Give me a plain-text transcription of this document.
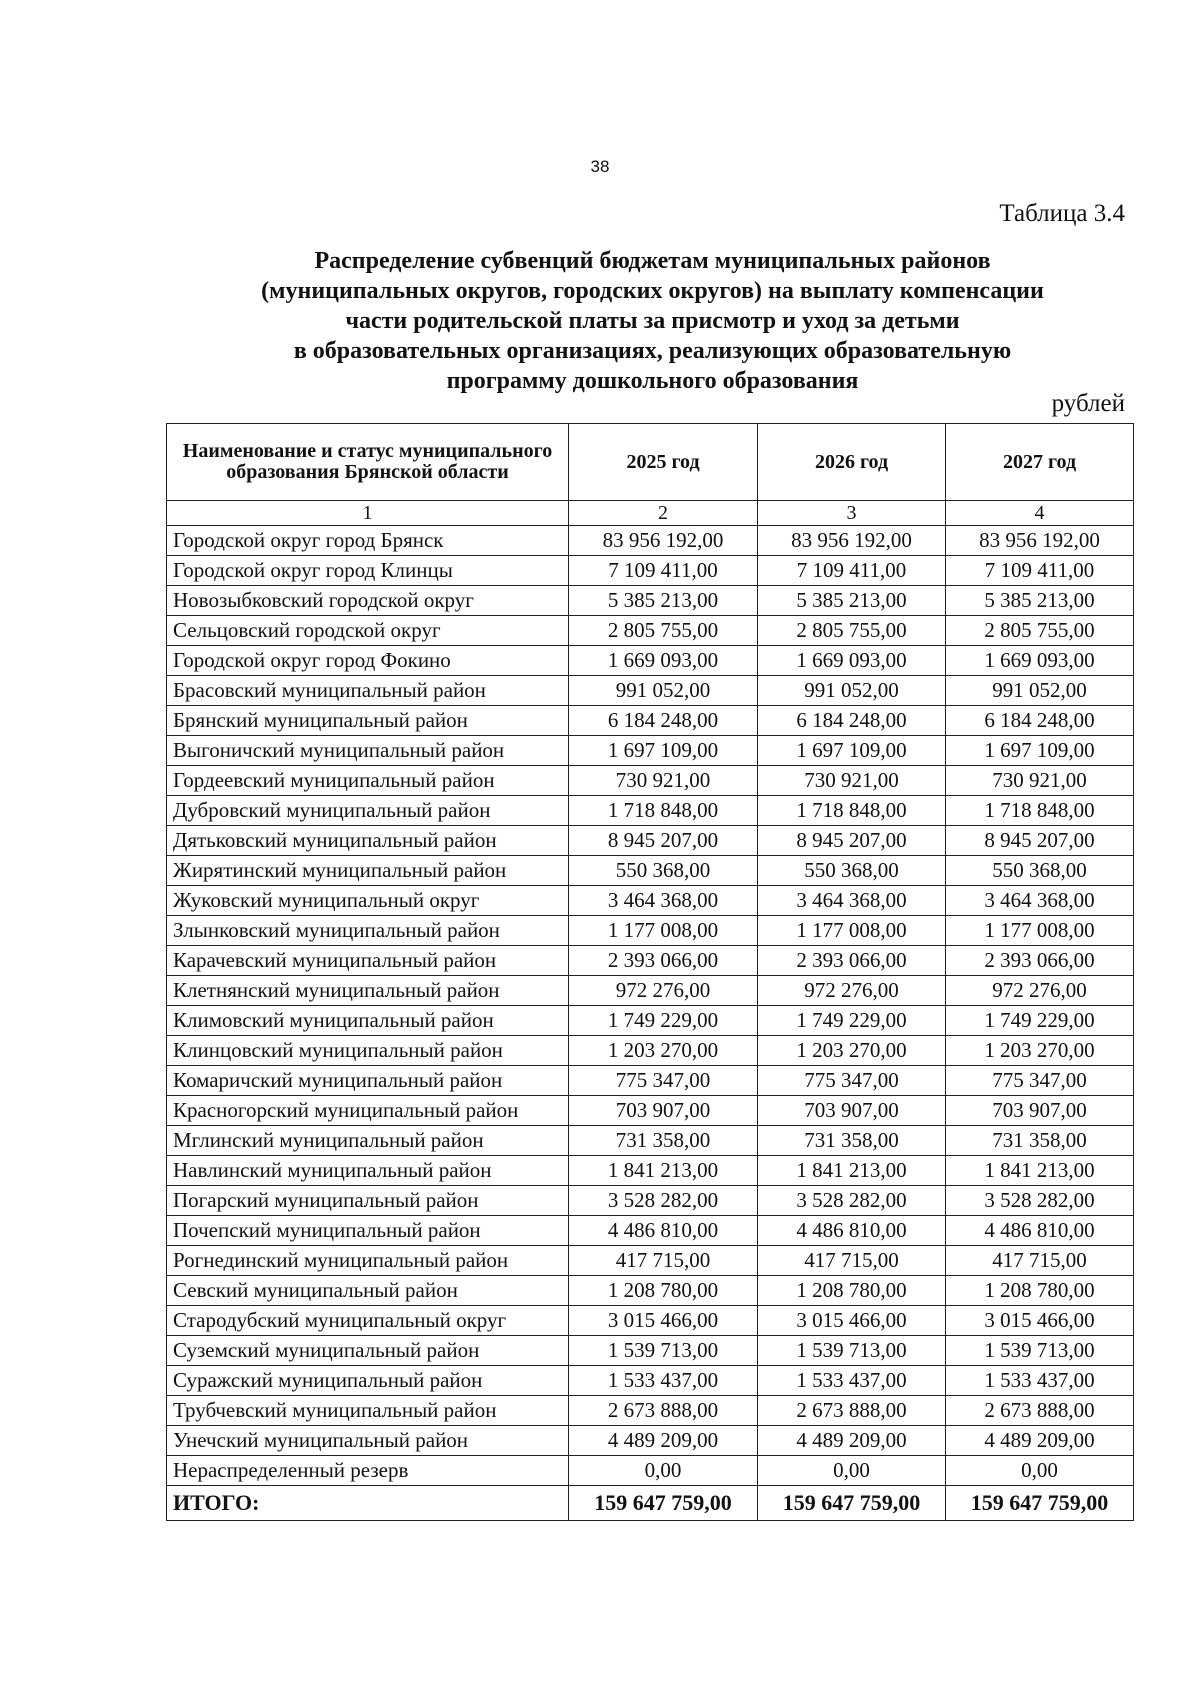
38
Таблица 3.4
Распределение субвенций бюджетам муниципальных районов
(муниципальных округов, городских округов) на выплату компенсации
части родительской платы за присмотр и уход за детьми
в образовательных организациях, реализующих образовательную
программу дошкольного образования
рублей
Наименование и статус муниципального образования Брянской области	2025 год	2026 год	2027 год
1	2	3	4
Городской округ город Брянск	83 956 192,00	83 956 192,00	83 956 192,00
Городской округ город Клинцы	7 109 411,00	7 109 411,00	7 109 411,00
Новозыбковский городской округ	5 385 213,00	5 385 213,00	5 385 213,00
Сельцовский городской округ	2 805 755,00	2 805 755,00	2 805 755,00
Городской округ город Фокино	1 669 093,00	1 669 093,00	1 669 093,00
Брасовский муниципальный район	991 052,00	991 052,00	991 052,00
Брянский муниципальный район	6 184 248,00	6 184 248,00	6 184 248,00
Выгоничский муниципальный район	1 697 109,00	1 697 109,00	1 697 109,00
Гордеевский муниципальный район	730 921,00	730 921,00	730 921,00
Дубровский муниципальный район	1 718 848,00	1 718 848,00	1 718 848,00
Дятьковский муниципальный район	8 945 207,00	8 945 207,00	8 945 207,00
Жирятинский муниципальный район	550 368,00	550 368,00	550 368,00
Жуковский муниципальный округ	3 464 368,00	3 464 368,00	3 464 368,00
Злынковский муниципальный район	1 177 008,00	1 177 008,00	1 177 008,00
Карачевский муниципальный район	2 393 066,00	2 393 066,00	2 393 066,00
Клетнянский муниципальный район	972 276,00	972 276,00	972 276,00
Климовский муниципальный район	1 749 229,00	1 749 229,00	1 749 229,00
Клинцовский муниципальный район	1 203 270,00	1 203 270,00	1 203 270,00
Комаричский муниципальный район	775 347,00	775 347,00	775 347,00
Красногорский муниципальный район	703 907,00	703 907,00	703 907,00
Мглинский муниципальный район	731 358,00	731 358,00	731 358,00
Навлинский муниципальный район	1 841 213,00	1 841 213,00	1 841 213,00
Погарский муниципальный район	3 528 282,00	3 528 282,00	3 528 282,00
Почепский муниципальный район	4 486 810,00	4 486 810,00	4 486 810,00
Рогнединский муниципальный район	417 715,00	417 715,00	417 715,00
Севский муниципальный район	1 208 780,00	1 208 780,00	1 208 780,00
Стародубский муниципальный округ	3 015 466,00	3 015 466,00	3 015 466,00
Суземский муниципальный район	1 539 713,00	1 539 713,00	1 539 713,00
Суражский муниципальный район	1 533 437,00	1 533 437,00	1 533 437,00
Трубчевский муниципальный район	2 673 888,00	2 673 888,00	2 673 888,00
Унечский муниципальный район	4 489 209,00	4 489 209,00	4 489 209,00
Нераспределенный резерв	0,00	0,00	0,00
ИТОГО:	159 647 759,00	159 647 759,00	159 647 759,00
